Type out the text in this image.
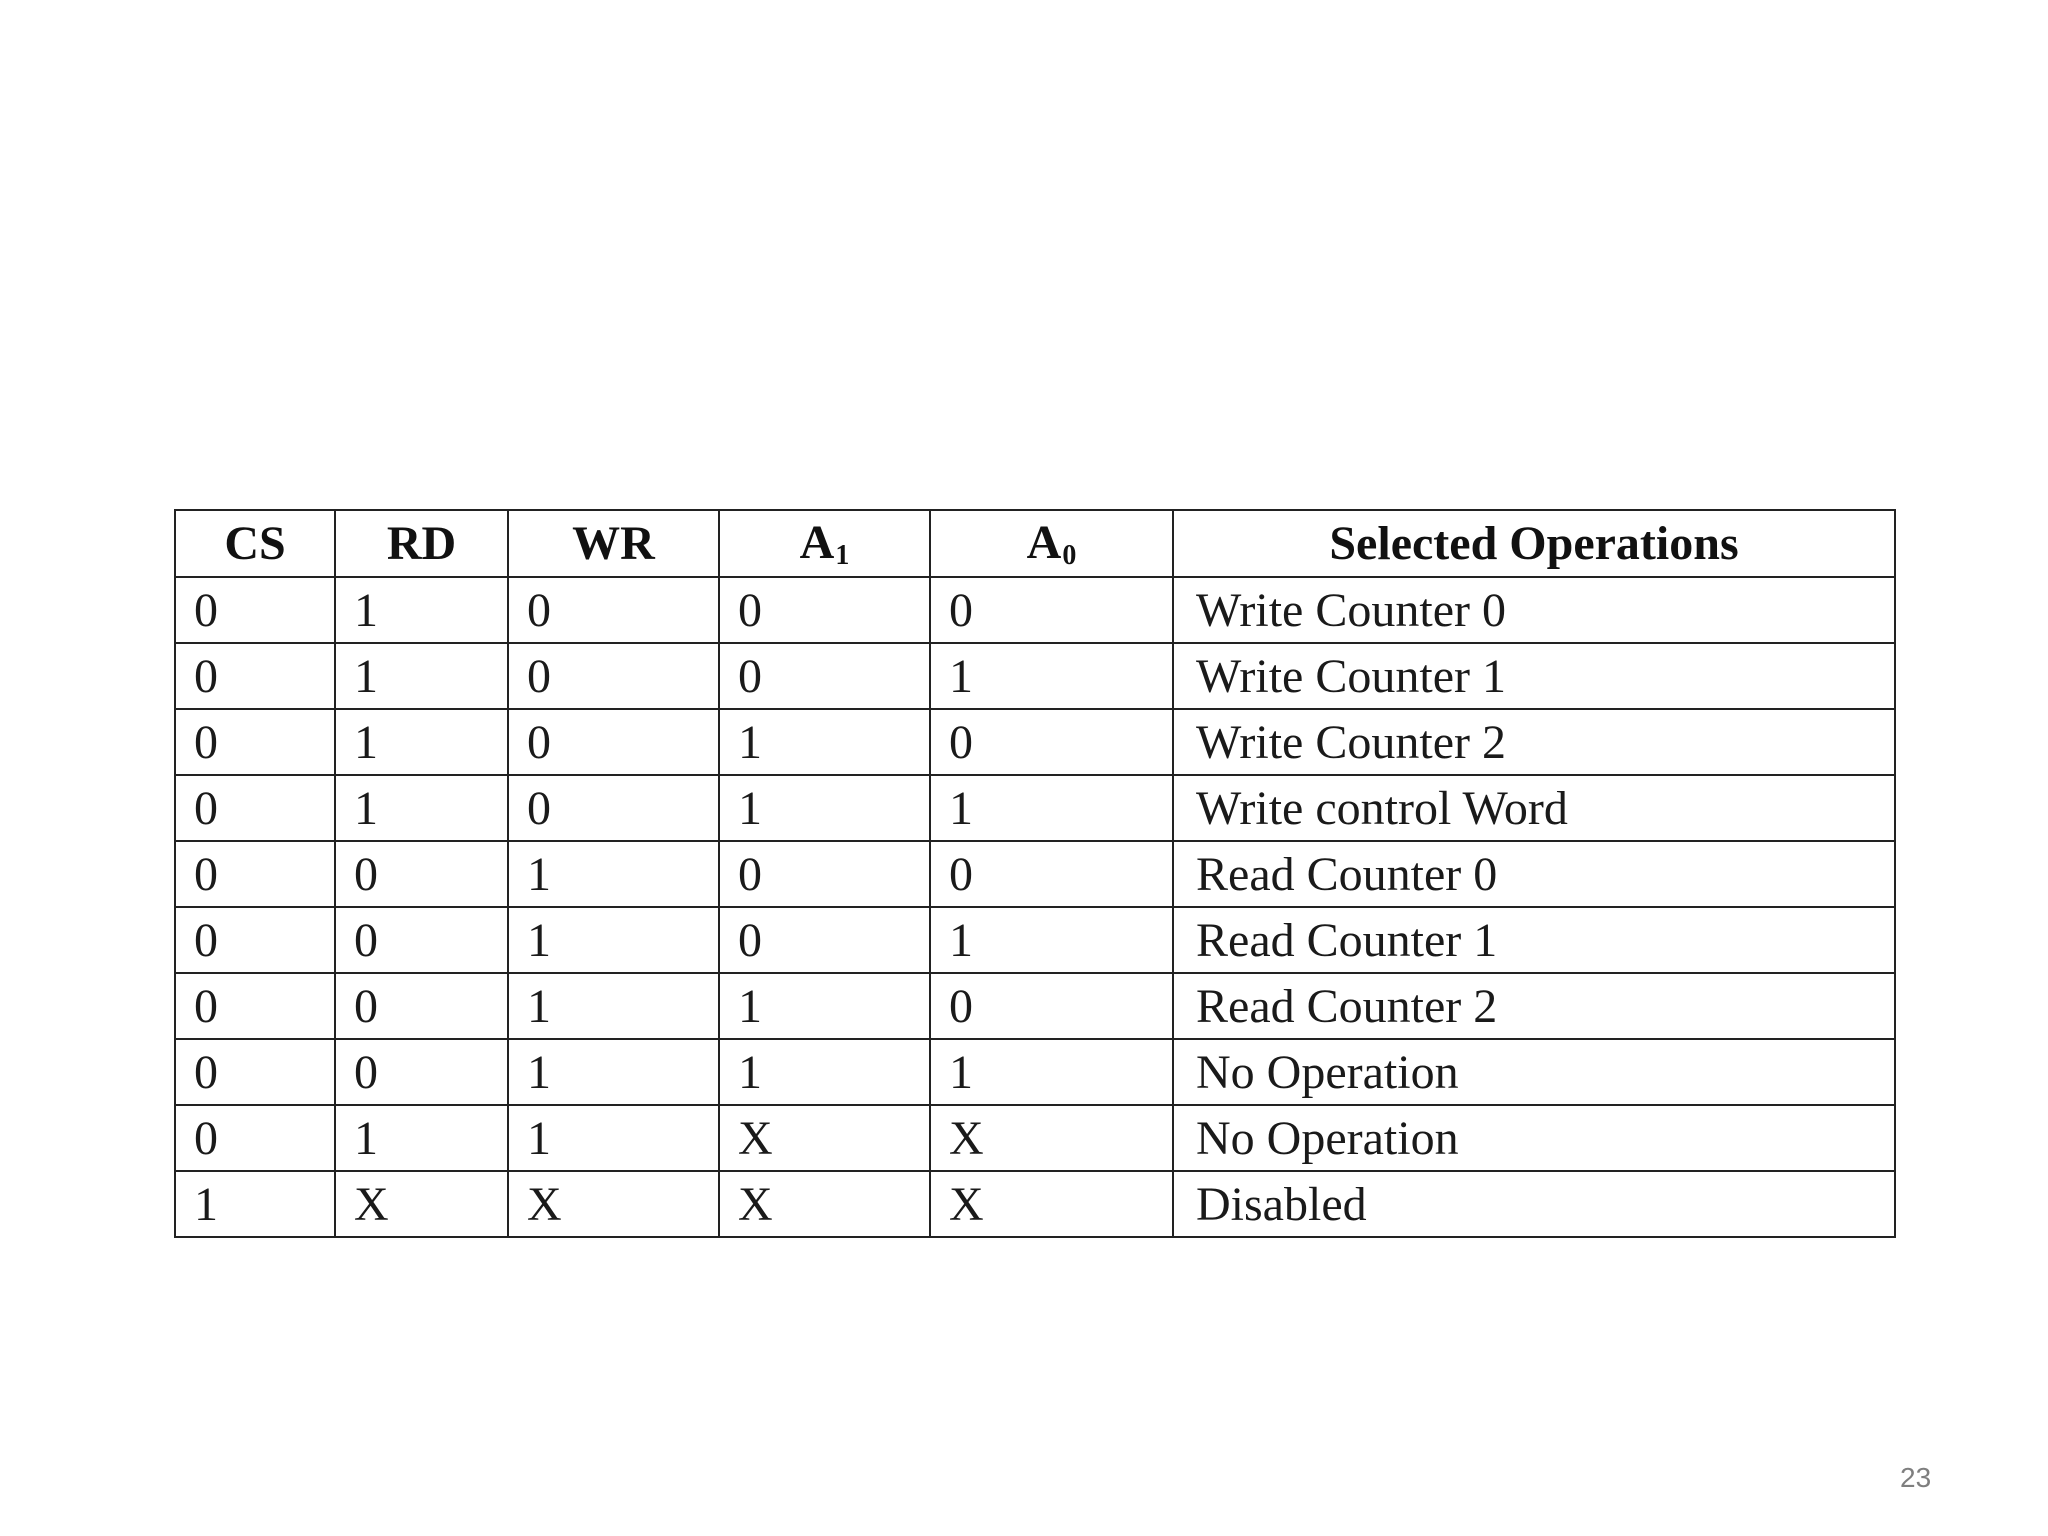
CS	RD	WR	$A_1$	$A_0$	Selected Operations
0	1	0	0	0	Write Counter 0
0	1	0	0	1	Write Counter 1
0	1	0	1	0	Write Counter 2
0	1	0	1	1	Write control Word
0	0	1	0	0	Read Counter 0
0	0	1	0	1	Read Counter 1
0	0	1	1	0	Read Counter 2
0	0	1	1	1	No Operation
0	1	1	X	X	No Operation
1	X	X	X	X	Disabled
23
